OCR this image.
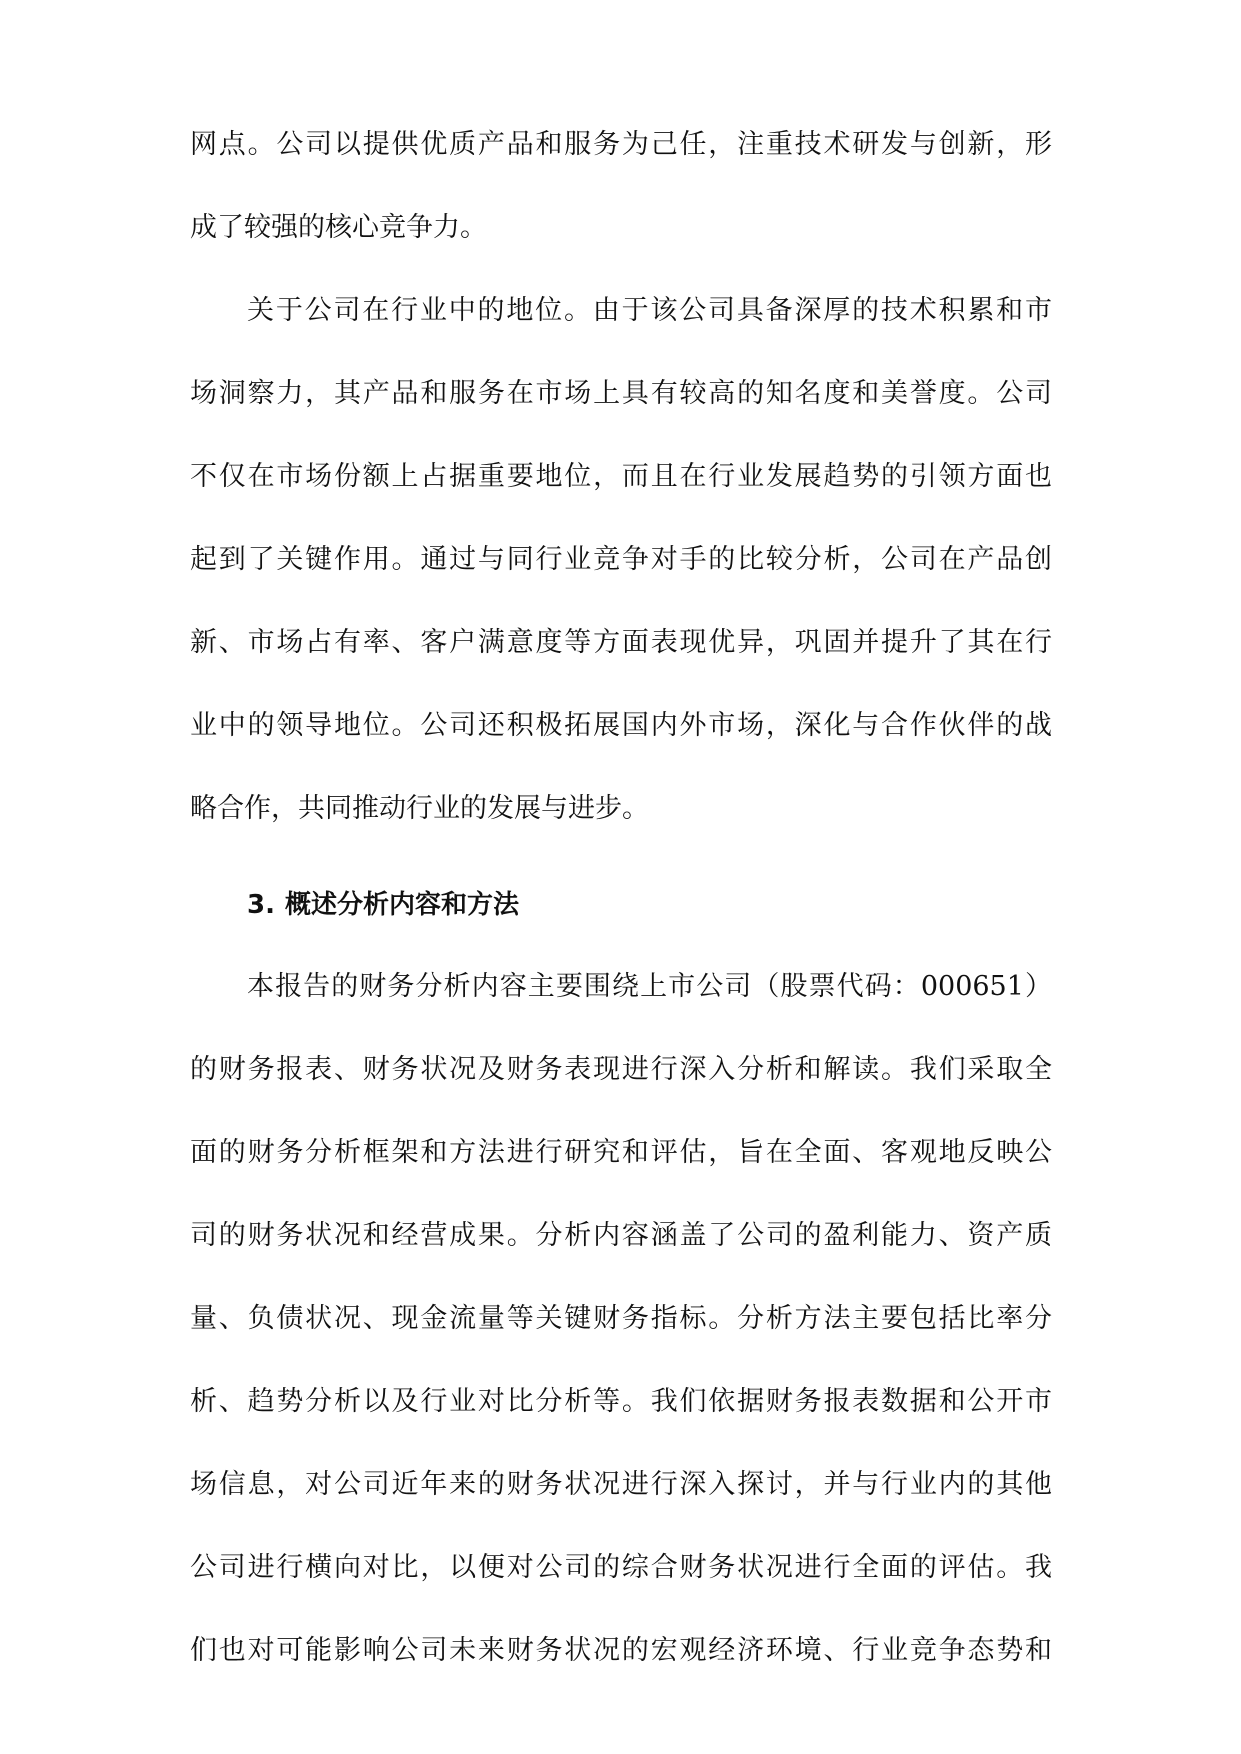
网点。公司以提供优质产品和服务为己任，注重技术研发与创新，形

成了较强的核心竞争力。

关于公司在行业中的地位。由于该公司具备深厚的技术积累和市

场洞察力，其产品和服务在市场上具有较高的知名度和美誉度。公司

不仅在市场份额上占据重要地位，而且在行业发展趋势的引领方面也

起到了关键作用。通过与同行业竞争对手的比较分析，公司在产品创

新、市场占有率、客户满意度等方面表现优异，巩固并提升了其在行

业中的领导地位。公司还积极拓展国内外市场，深化与合作伙伴的战

略合作，共同推动行业的发展与进步。

3. 概述分析内容和方法

本报告的财务分析内容主要围绕上市公司（股票代码：000651）

的财务报表、财务状况及财务表现进行深入分析和解读。我们采取全

面的财务分析框架和方法进行研究和评估，旨在全面、客观地反映公

司的财务状况和经营成果。分析内容涵盖了公司的盈利能力、资产质

量、负债状况、现金流量等关键财务指标。分析方法主要包括比率分

析、趋势分析以及行业对比分析等。我们依据财务报表数据和公开市

场信息，对公司近年来的财务状况进行深入探讨，并与行业内的其他

公司进行横向对比，以便对公司的综合财务状况进行全面的评估。我

们也对可能影响公司未来财务状况的宏观经济环境、行业竞争态势和
